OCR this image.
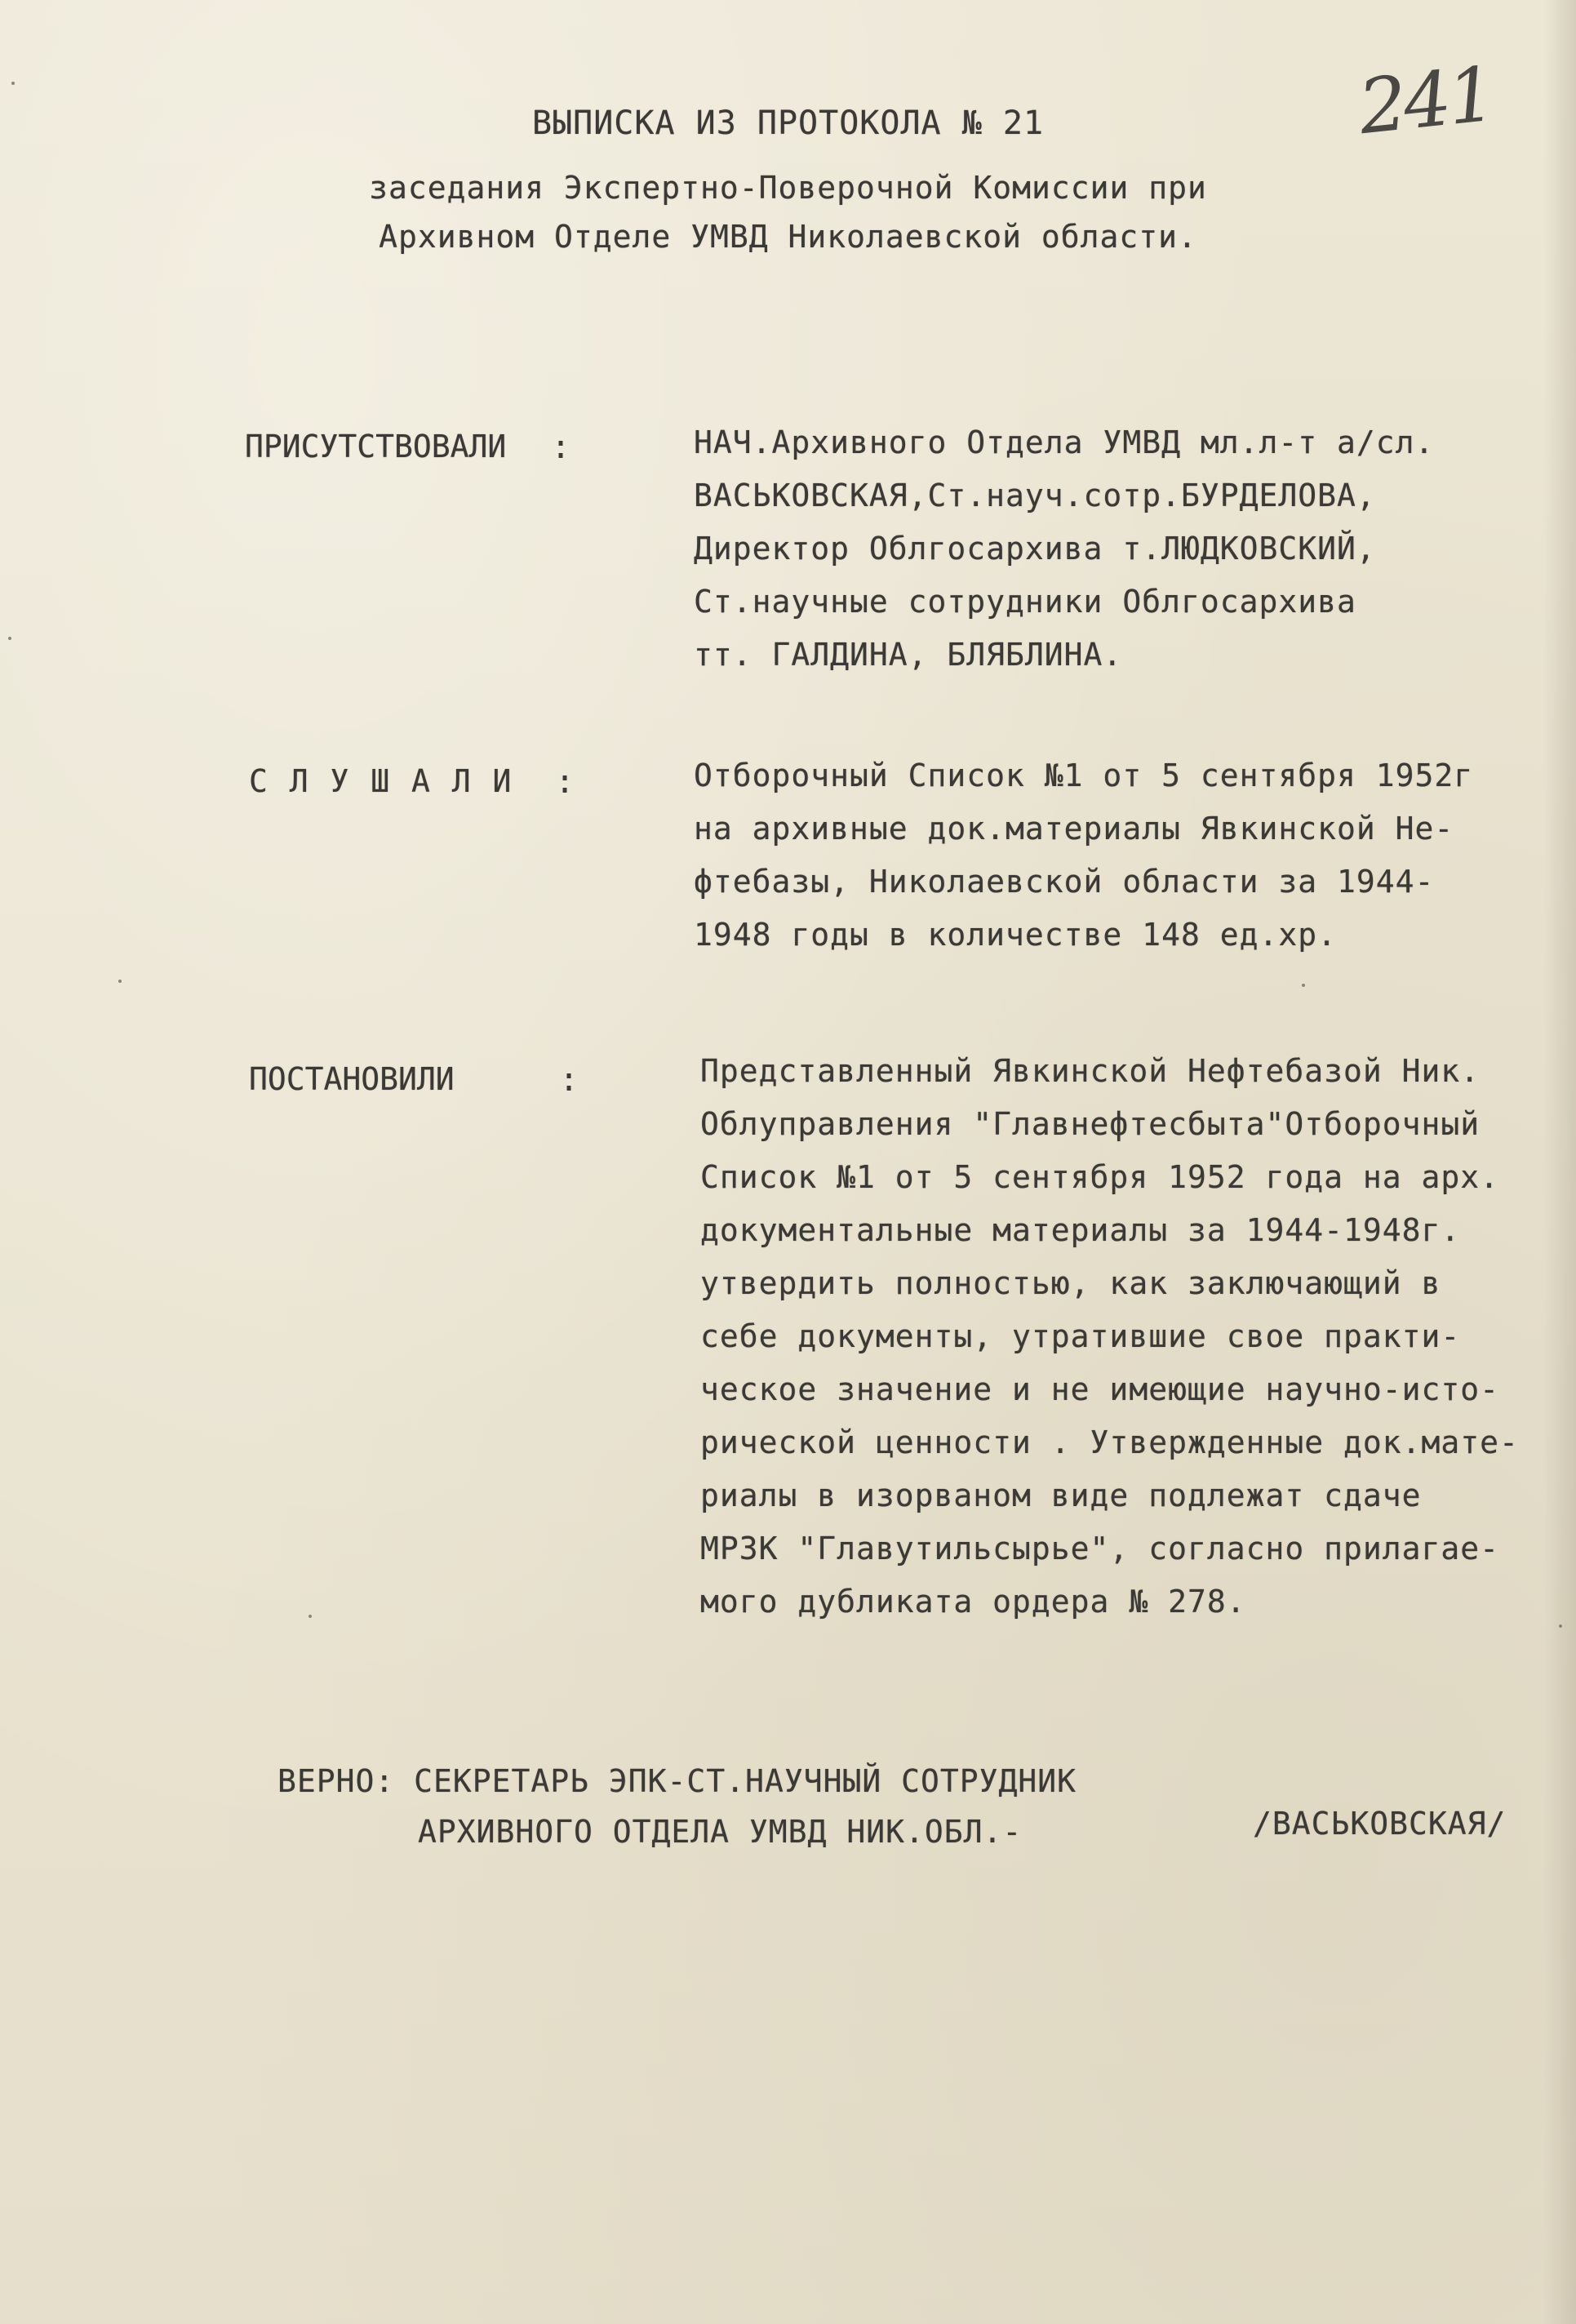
241
ВЫПИСКА ИЗ ПРОТОКОЛА № 21
заседания Экспертно-Поверочной Комиссии при
Архивном Отделе УМВД Николаевской области.
ПРИСУТСТВОВАЛИ :	НАЧ.Архивного Отдела УМВД мл.л-т а/сл.
ВАСЬКОВСКАЯ,Ст.науч.сотр.БУРДЕЛОВА,
Директор Облгосархива т.ЛЮДКОВСКИЙ,
Ст.научные сотрудники Облгосархива
тт. ГАЛДИНА, БЛЯБЛИНА.
С Л У Ш А Л И :	Отборочный Список №1 от 5 сентября 1952г
на архивные док.материалы Явкинской Не-
фтебазы, Николаевской области за 1944-
1948 годы в количестве 148 ед.хр.
ПОСТАНОВИЛИ	:	Представленный Явкинской Нефтебазой Ник.
Облуправления "Главнефтесбыта"Отборочный
Список №1 от 5 сентября 1952 года на арх.
документальные материалы за 1944-1948г.
утвердить полностью, как заключающий в
себе документы, утратившие свое практи-
ческое значение и не имеющие научно-исто-
рической ценности . Утвержденные док.мате-
риалы в изорваном виде подлежат сдаче
МРЗК "Главутильсырье", согласно прилагае-
мого дубликата ордера № 278.
ВЕРНО: СЕКРЕТАРЬ ЭПК-СТ.НАУЧНЫЙ СОТРУДНИК
АРХИВНОГО ОТДЕЛА УМВД НИК.ОБЛ.-	/ВАСЬКОВСКАЯ/
